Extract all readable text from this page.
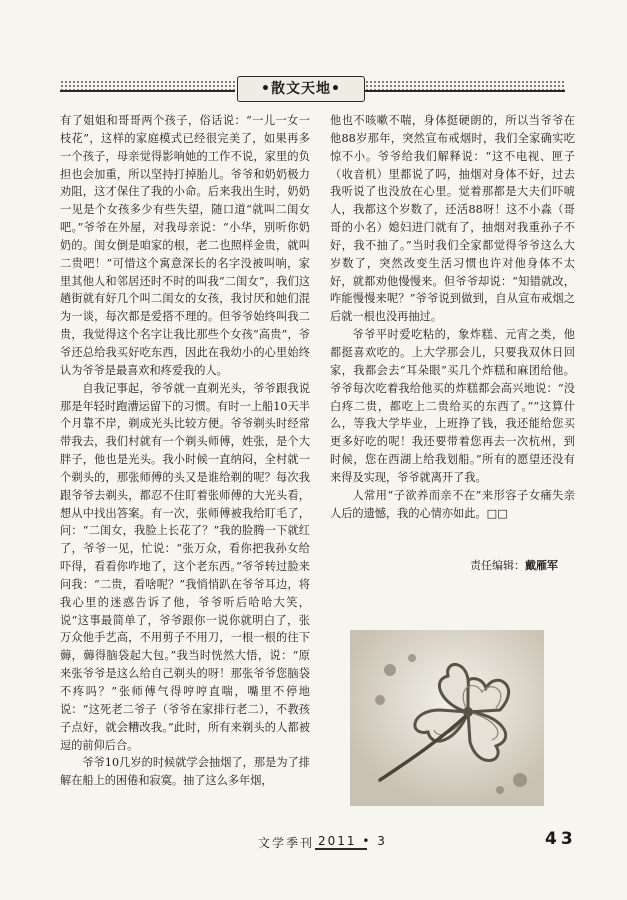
•散文天地•

有了姐姐和哥哥两个孩子，俗话说：“一儿一女一枝花”，这样的家庭模式已经很完美了，如果再多一个孩子，母亲觉得影响她的工作不说，家里的负担也会加重，所以坚持打掉胎儿。爷爷和奶奶极力劝阻，这才保住了我的小命。后来我出生时，奶奶一见是个女孩多少有些失望，随口道“就叫二闺女吧。”爷爷在外屋，对我母亲说：“小华，别听你奶奶的。闺女倒是咱家的根，老二也照样金贵，就叫二贵吧！”可惜这个寓意深长的名字没被叫响，家里其他人和邻居还时不时的叫我“二闺女”，我们这趟街就有好几个叫二闺女的女孩，我讨厌和她们混为一谈，每次都是爱搭不理的。但爷爷始终叫我二贵，我觉得这个名字让我比那些个女孩“高贵”，爷爷还总给我买好吃东西，因此在我幼小的心里始终认为爷爷是最喜欢和疼爱我的人。

自我记事起，爷爷就一直剃光头，爷爷跟我说那是年轻时跑漕运留下的习惯。有时一上船10天半个月靠不岸，剃成光头比较方便。爷爷剃头时经常带我去，我们村就有一个剃头师傅，姓张，是个大胖子，他也是光头。我小时候一直纳闷，全村就一个剃头的，那张师傅的头又是谁给剃的呢？每次我跟爷爷去剃头，都忍不住盯着张师傅的大光头看，想从中找出答案。有一次，张师傅被我给盯毛了，问：“二闺女，我脸上长花了？”我的脸腾一下就红了，爷爷一见，忙说：“张万众，看你把我孙女给吓得，看看你咋地了，这个老东西。”爷爷转过脸来问我：“二贵，看啥呢？”我悄悄趴在爷爷耳边，将我心里的迷惑告诉了他，爷爷听后哈哈大笑，说“这事最简单了，爷爷跟你一说你就明白了，张万众他手艺高，不用剪子不用刀，一根一根的往下薅，薅得脑袋起大包。”我当时恍然大悟，说：“原来张爷爷是这么给自己剃头的呀！那张爷爷您脑袋不疼吗？”张师傅气得哼哼直喘，嘴里不停地说：“这死老二爷子（爷爷在家排行老二），不教孩子点好，就会糟改我。”此时，所有来剃头的人都被逗的前仰后合。

爷爷10几岁的时候就学会抽烟了，那是为了排解在船上的困倦和寂寞。抽了这么多年烟，

他也不咳嗽不喘，身体挺硬朗的，所以当爷爷在他88岁那年，突然宣布戒烟时，我们全家确实吃惊不小。爷爷给我们解释说：“这不电视、匣子（收音机）里都说了吗，抽烟对身体不好，过去我听说了也没放在心里。觉着那都是大夫们吓唬人，我都这个岁数了，还活88呀！这不小淼（哥哥的小名）媳妇进门就有了，抽烟对我重孙子不好，我不抽了。”当时我们全家都觉得爷爷这么大岁数了，突然改变生活习惯也许对他身体不太好，就都劝他慢慢来。但爷爷却说：“知错就改，咋能慢慢来呢？”爷爷说到做到，自从宣布戒烟之后就一根也没再抽过。

爷爷平时爱吃粘的，象炸糕、元宵之类，他都挺喜欢吃的。上大学那会儿，只要我双休日回家，我都会去“耳朵眼”买几个炸糕和麻团给他。爷爷每次吃着我给他买的炸糕都会高兴地说：“没白疼二贵，都吃上二贵给买的东西了。”“这算什么，等我大学毕业，上班挣了钱，我还能给您买更多好吃的呢！我还要带着您再去一次杭州，到时候，您在西湖上给我划船。”所有的愿望还没有来得及实现，爷爷就离开了我。

人常用“子欲养而亲不在”来形容子女痛失亲人后的遗憾，我的心情亦如此。□□

责任编辑：戴雁军
文学季刊 2011 • 3	43
